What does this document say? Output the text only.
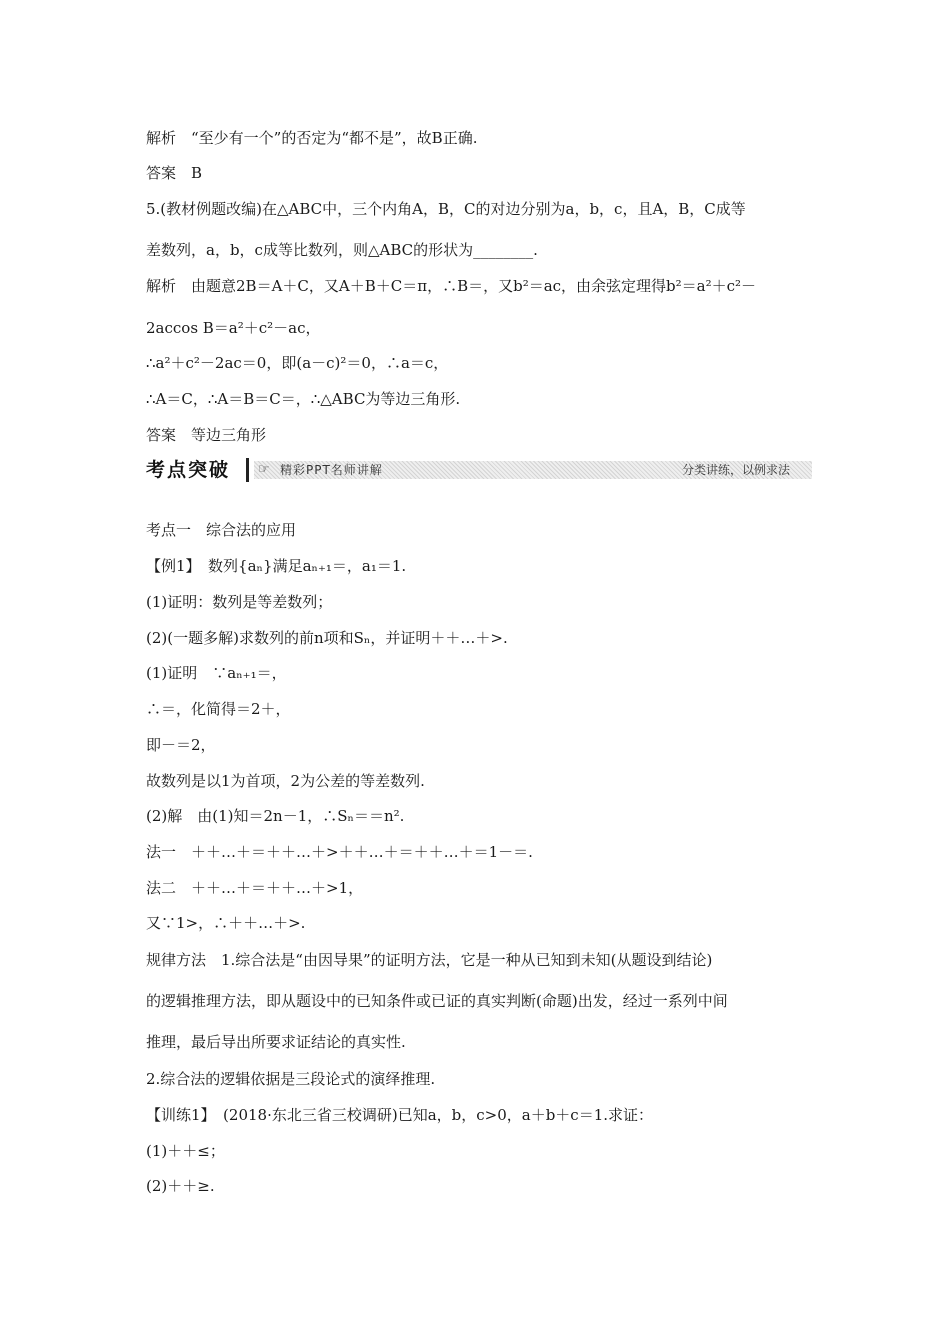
解析　“至少有一个”的否定为“都不是”，故B正确.
答案　B
5.(教材例题改编)在△ABC中，三个内角A，B，C的对边分别为a，b，c，且A，B，C成等
差数列，a，b，c成等比数列，则△ABC的形状为________.
解析　由题意2B＝A＋C，又A＋B＋C＝π，∴B＝，又b²＝ac，由余弦定理得b²＝a²＋c²－
2accos B＝a²＋c²－ac，
∴a²＋c²－2ac＝0，即(a－c)²＝0，∴a＝c，
∴A＝C，∴A＝B＝C＝，∴△ABC为等边三角形.
答案　等边三角形
考点突破 ☞ 精彩PPT名师讲解	分类讲练，以例求法
考点一　综合法的应用
【例1】　数列{aₙ}满足aₙ₊₁＝，a₁＝1.
(1)证明：数列是等差数列；
(2)(一题多解)求数列的前n项和Sₙ，并证明＋＋…＋>.
(1)证明　∵aₙ₊₁＝，
∴＝，化简得＝2＋，
即－＝2，
故数列是以1为首项，2为公差的等差数列.
(2)解　由(1)知＝2n－1，∴Sₙ＝＝n².
法一　＋＋…＋＝＋＋…＋>＋＋…＋＝＋＋…＋＝1－＝.
法二　＋＋…＋＝＋＋…＋>1，
又∵1>，∴＋＋…＋>.
规律方法　1.综合法是“由因导果”的证明方法，它是一种从已知到未知(从题设到结论)
的逻辑推理方法，即从题设中的已知条件或已证的真实判断(命题)出发，经过一系列中间
推理，最后导出所要求证结论的真实性.
2.综合法的逻辑依据是三段论式的演绎推理.
【训练1】　(2018·东北三省三校调研)已知a，b，c>0，a＋b＋c＝1.求证：
(1)＋＋≤；
(2)＋＋≥.
